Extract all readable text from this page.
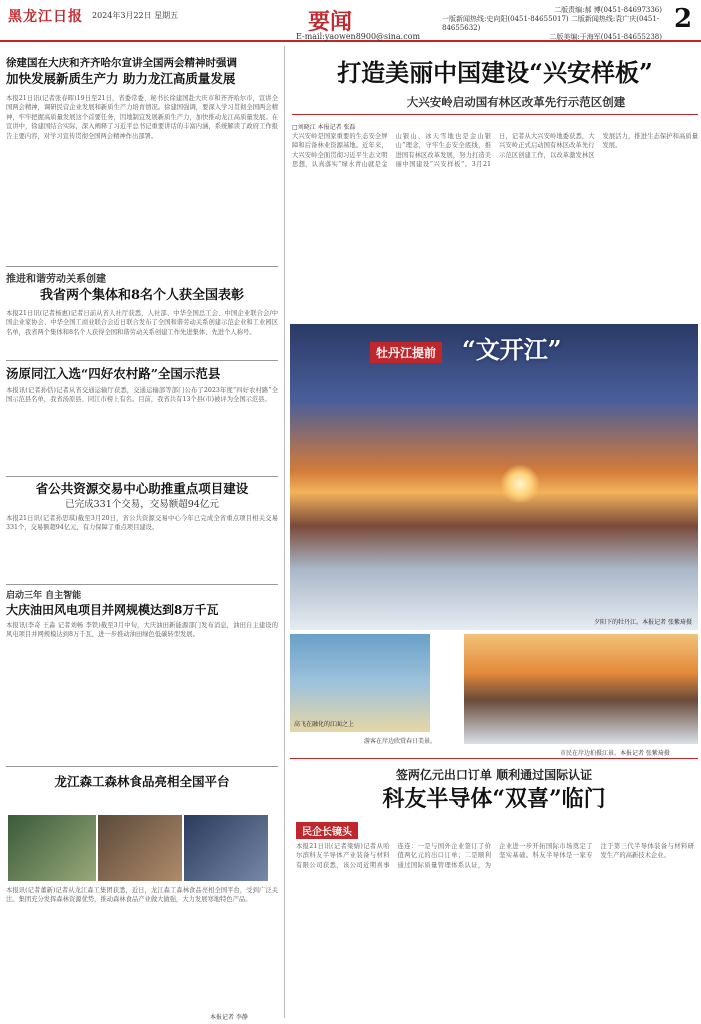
黑龙江日报 2024年3月22日 星期五	要闻
E-mail:yaowen8900@sina.com
二版责编:郝 博(0451-84697336)
一版新闻热线:史向阳(0451-84655017) 二版新闻热线:袁广庆(0451-84655632)
二版美编:于海军(0451-84655238)
2
徐建国在大庆和齐齐哈尔宣讲全国两会精神时强调
加快发展新质生产力 助力龙江高质量发展
本报21日讯(记者张春晖)19日至21日，省委常委、秘书长徐建国赴大庆市和齐齐哈尔市，宣讲全国两会精神，调研民营企业发展和新质生产力培育情况。徐建国强调，要深入学习贯彻全国两会精神，牢牢把握高质量发展这个首要任务，因地制宜发展新质生产力，加快推动龙江高质量发展。在宣讲中，徐建国结合实际，深入阐释了习近平总书记重要讲话的丰富内涵，系统解读了政府工作报告主要内容，对学习宣传贯彻全国两会精神作出部署。
推进和谐劳动关系创建
我省两个集体和8名个人获全国表彰
本报21日讯(记者杨惠)记者日前从省人社厅获悉，人社部、中华全国总工会、中国企业联合会/中国企业家协会、中华全国工商业联合会近日联合发布了全国和谐劳动关系创建示范企业和工业园区名单，我省两个集体和8名个人获得全国和谐劳动关系创建工作先进集体、先进个人称号。
汤原同江入选“四好农村路”全国示范县
本报讯(记者孙恬)记者从省交通运输厅获悉，交通运输部等部门公布了2023年度“四好农村路”全国示范县名单，我省汤原县、同江市榜上有名。目前，我省共有13个县(市)被评为全国示范县。
省公共资源交易中心助推重点项目建设
已完成331个交易，交易额超94亿元
本报21日讯(记者孙思琪)截至3月20日，省公共资源交易中心今年已完成全省重点项目相关交易331个，交易额超94亿元，有力保障了重点项目建设。
启动三年 自主智能
大庆油田风电项目并网规模达到8万千瓦
本报讯(李奇 王淼 记者刘畅 李铁)截至3月中旬，大庆油田新能源部门发布消息，油田自主建设的风电项目并网规模达到8万千瓦，进一步推动油田绿色低碳转型发展。
龙江森工森林食品亮相全国平台
本报讯(记者董新)记者从龙江森工集团获悉，近日，龙江森工森林食品亮相全国平台，受到广泛关注。集团充分发挥森林资源优势，推动森林食品产业做大做强，大力发展寒地特色产品。
本报记者 李静
打造美丽中国建设“兴安样板”
大兴安岭启动国有林区改革先行示范区创建
□刘晓江 本报记者 张磊
大兴安岭是国家重要的生态安全屏障和后备林业资源基地。近年来，大兴安岭全面贯彻习近平生态文明思想，认真落实“绿水青山就是金山银山、冰天雪地也是金山银山”理念，守牢生态安全底线，推进国有林区改革发展，努力打造美丽中国建设“兴安样板”。3月21日，记者从大兴安岭地委获悉，大兴安岭正式启动国有林区改革先行示范区创建工作，以改革激发林区发展活力，推进生态保护和高质量发展。
牡丹江提前 “文开江”
夕阳下的牡丹江。本报记者 张紫琦摄
高飞在融化的江面之上
游客在岸边欣赏春日美景。
市民在岸边拍摄江景。本报记者 张紫琦摄
签两亿元出口订单 顺利通过国际认证
科友半导体“双喜”临门
民企长镜头
本报21日讯(记者梁婧)记者从哈尔滨科友半导体产业装备与材料有限公司获悉，该公司近期喜事连连：一是与国外企业签订了价值两亿元的出口订单；二是顺利通过国际质量管理体系认证，为企业进一步开拓国际市场奠定了坚实基础。科友半导体是一家专注于第三代半导体装备与材料研发生产的高新技术企业。
